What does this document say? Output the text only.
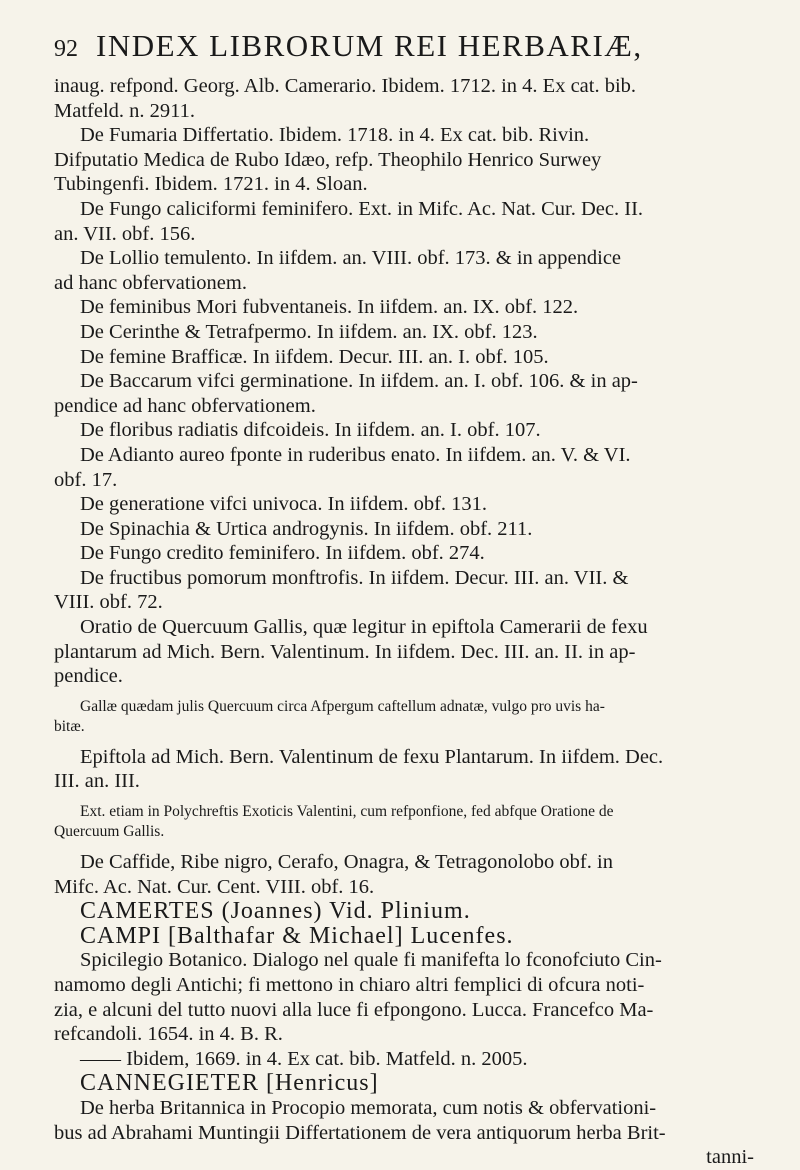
92 INDEX LIBRORUM REI HERBARIÆ,
inaug. refpond. Georg. Alb. Camerario. Ibidem. 1712. in 4. Ex cat. bib.
Matfeld. n. 2911.
De Fumaria Differtatio. Ibidem. 1718. in 4. Ex cat. bib. Rivin.
Difputatio Medica de Rubo Idæo, refp. Theophilo Henrico Surwey
Tubingenfi. Ibidem. 1721. in 4. Sloan.
De Fungo caliciformi feminifero. Ext. in Mifc. Ac. Nat. Cur. Dec. II.
an. VII. obf. 156.
De Lollio temulento. In iifdem. an. VIII. obf. 173. & in appendice
ad hanc obfervationem.
De feminibus Mori fubventaneis. In iifdem. an. IX. obf. 122.
De Cerinthe & Tetrafpermo. In iifdem. an. IX. obf. 123.
De femine Brafficæ. In iifdem. Decur. III. an. I. obf. 105.
De Baccarum vifci germinatione. In iifdem. an. I. obf. 106. & in ap-
pendice ad hanc obfervationem.
De floribus radiatis difcoideis. In iifdem. an. I. obf. 107.
De Adianto aureo fponte in ruderibus enato. In iifdem. an. V. & VI.
obf. 17.
De generatione vifci univoca. In iifdem. obf. 131.
De Spinachia & Urtica androgynis. In iifdem. obf. 211.
De Fungo credito feminifero. In iifdem. obf. 274.
De fructibus pomorum monftrofis. In iifdem. Decur. III. an. VII. &
VIII. obf. 72.
Oratio de Quercuum Gallis, quæ legitur in epiftola Camerarii de fexu
plantarum ad Mich. Bern. Valentinum. In iifdem. Dec. III. an. II. in ap-
pendice.
Gallæ quædam julis Quercuum circa Afpergum caftellum adnatæ, vulgo pro uvis ha-
bitæ.
Epiftola ad Mich. Bern. Valentinum de fexu Plantarum. In iifdem. Dec.
III. an. III.
Ext. etiam in Polychreftis Exoticis Valentini, cum refponfione, fed abfque Oratione de
Quercuum Gallis.
De Caffide, Ribe nigro, Cerafo, Onagra, & Tetragonolobo obf. in
Mifc. Ac. Nat. Cur. Cent. VIII. obf. 16.
CAMERTES (Joannes) Vid. Plinium.
CAMPI [Balthafar & Michael] Lucenfes.
Spicilegio Botanico. Dialogo nel quale fi manifefta lo fconofciuto Cin-
namomo degli Antichi; fi mettono in chiaro altri femplici di ofcura noti-
zia, e alcuni del tutto nuovi alla luce fi efpongono. Lucca. Francefco Ma-
refcandoli. 1654. in 4. B. R.
—— Ibidem, 1669. in 4. Ex cat. bib. Matfeld. n. 2005.
CANNEGIETER [Henricus]
De herba Britannica in Procopio memorata, cum notis & obfervationi-
bus ad Abrahami Muntingii Differtationem de vera antiquorum herba Brit-
tanni-
